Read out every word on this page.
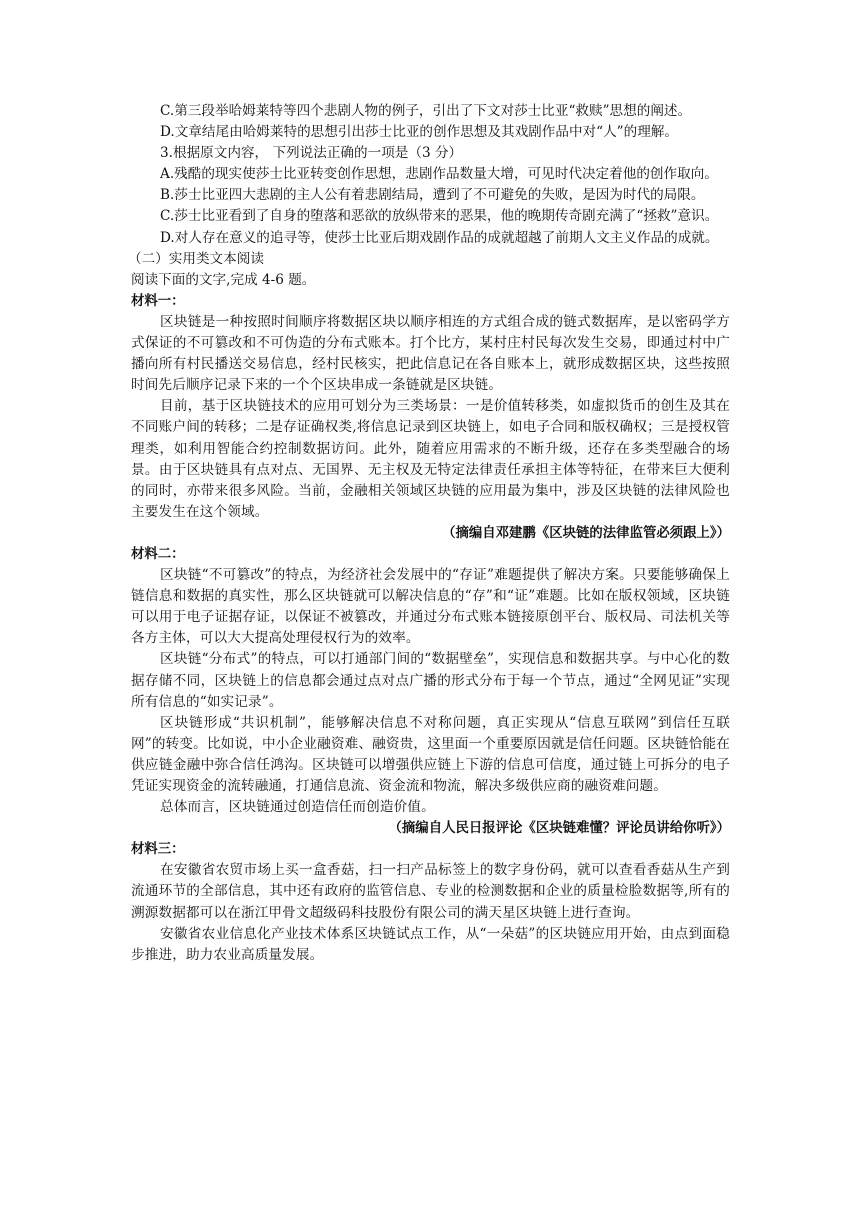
C.第三段举哈姆莱特等四个悲剧人物的例子，引出了下文对莎士比亚“救赎”思想的阐述。

D.文章结尾由哈姆莱特的思想引出莎士比亚的创作思想及其戏剧作品中对“人”的理解。

3.根据原文内容， 下列说法正确的一项是（3 分）

A.残酷的现实使莎士比亚转变创作思想，悲剧作品数量大增，可见时代决定着他的创作取向。

B.莎士比亚四大悲剧的主人公有着悲剧结局，遭到了不可避免的失败，是因为时代的局限。

C.莎士比亚看到了自身的堕落和恶欲的放纵带来的恶果，他的晚期传奇剧充满了“拯救”意识。

D.对人存在意义的追寻等，使莎士比亚后期戏剧作品的成就超越了前期人文主义作品的成就。

（二）实用类文本阅读

阅读下面的文字,完成 4-6 题。

材料一：

区块链是一种按照时间顺序将数据区块以顺序相连的方式组合成的链式数据库，是以密码学方式保证的不可篡改和不可伪造的分布式账本。打个比方，某村庄村民每次发生交易，即通过村中广播向所有村民播送交易信息，经村民核实，把此信息记在各自账本上，就形成数据区块，这些按照时间先后顺序记录下来的一个个区块串成一条链就是区块链。

目前，基于区块链技术的应用可划分为三类场景：一是价值转移类，如虚拟货币的创生及其在不同账户间的转移；二是存证确权类,将信息记录到区块链上，如电子合同和版权确权；三是授权管理类，如利用智能合约控制数据访问。此外，随着应用需求的不断升级，还存在多类型融合的场景。由于区块链具有点对点、无国界、无主权及无特定法律责任承担主体等特征，在带来巨大便利的同时，亦带来很多风险。当前，金融相关领域区块链的应用最为集中，涉及区块链的法律风险也主要发生在这个领域。

（摘编自邓建鹏《区块链的法律监管必须跟上》）

材料二：

区块链“不可篡改”的特点，为经济社会发展中的“存证”难题提供了解决方案。只要能够确保上链信息和数据的真实性，那么区块链就可以解决信息的“存”和“证”难题。比如在版权领域，区块链可以用于电子证据存证，以保证不被篡改，并通过分布式账本链接原创平台、版权局、司法机关等各方主体，可以大大提高处理侵权行为的效率。

区块链“分布式”的特点，可以打通部门间的“数据壁垒”，实现信息和数据共享。与中心化的数据存储不同，区块链上的信息都会通过点对点广播的形式分布于每一个节点，通过“全网见证”实现所有信息的“如实记录”。

区块链形成“共识机制”，能够解决信息不对称问题，真正实现从“信息互联网”到信任互联网”的转变。比如说，中小企业融资难、融资贵，这里面一个重要原因就是信任问题。区块链恰能在供应链金融中弥合信任鸿沟。区块链可以增强供应链上下游的信息可信度，通过链上可拆分的电子凭证实现资金的流转融通，打通信息流、资金流和物流，解决多级供应商的融资难问题。

总体而言，区块链通过创造信任而创造价值。

（摘编自人民日报评论《区块链难懂？评论员讲给你听》）

材料三：

在安徽省农贸市场上买一盒香菇，扫一扫产品标签上的数字身份码，就可以查看香菇从生产到流通环节的全部信息，其中还有政府的监管信息、专业的检测数据和企业的质量检脸数据等,所有的溯源数据都可以在浙江甲骨文超级码科技股份有限公司的满天星区块链上进行查询。

安徽省农业信息化产业技术体系区块链试点工作，从“一朵菇”的区块链应用开始，由点到面稳步推进，助力农业高质量发展。
